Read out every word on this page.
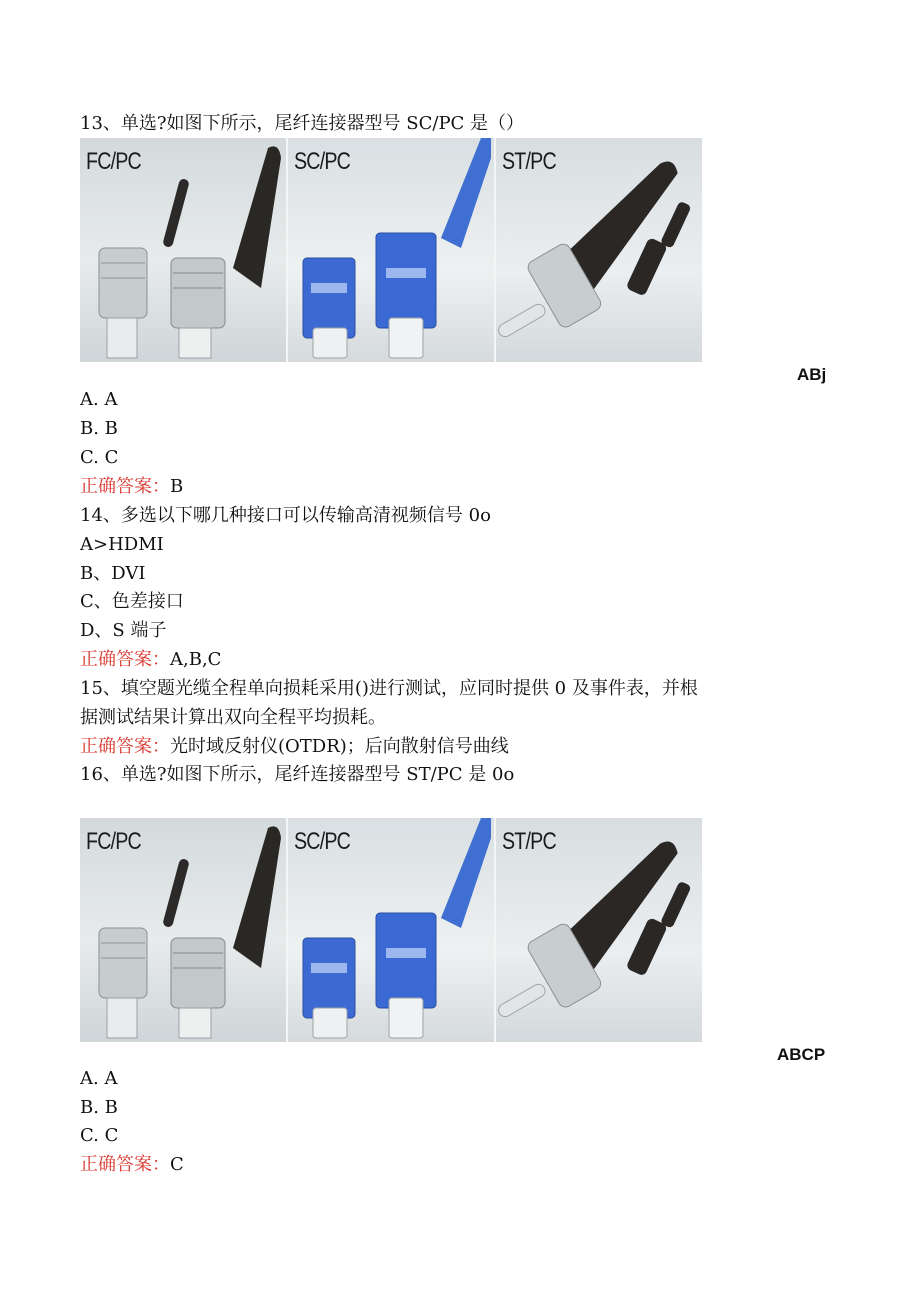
13、单选?如图下所示，尾纤连接器型号 SC/PC 是（）
FC/PC	SC/PC	ST/PC
ABj
A. A
B. B
C. C
正确答案：B
14、多选以下哪几种接口可以传输高清视频信号 0o
A>HDMI
B、DVI
C、色差接口
D、S 端子
正确答案：A,B,C
15、填空题光缆全程单向损耗采用()进行测试，应同时提供 0 及事件表，并根
据测试结果计算出双向全程平均损耗。
正确答案：光时域反射仪(OTDR)；后向散射信号曲线
16、单选?如图下所示，尾纤连接器型号 ST/PC 是 0o
FC/PC	SC/PC	ST/PC
ABCP
A. A
B. B
C. C
正确答案：C
